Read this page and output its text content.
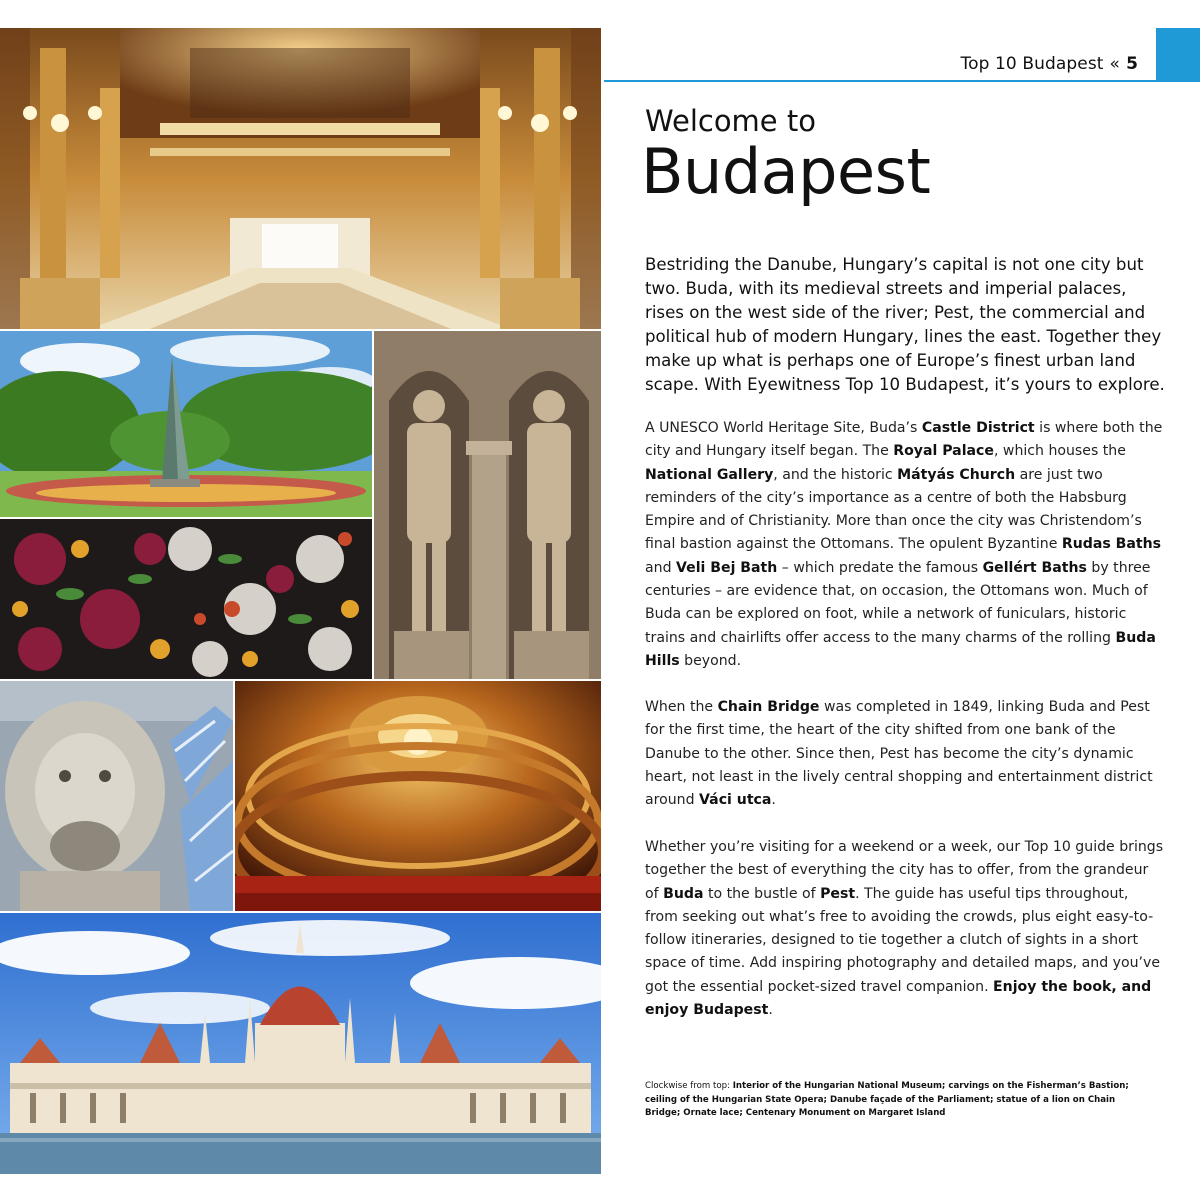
Top 10 Budapest « 5
Welcome to
Budapest
Bestriding the Danube, Hungary’s capital is not one city but two. Buda, with its medieval streets and imperial palaces, rises on the west side of the river; Pest, the commercial and political hub of modern Hungary, lines the east. Together they make up what is perhaps one of Europe’s finest urban land scape. With Eyewitness Top 10 Budapest, it’s yours to explore.
A UNESCO World Heritage Site, Buda’s Castle District is where both the city and Hungary itself began. The Royal Palace, which houses the National Gallery, and the historic Mátyás Church are just two reminders of the city’s importance as a centre of both the Habsburg Empire and of Christianity. More than once the city was Christendom’s final bastion against the Ottomans. The opulent Byzantine Rudas Baths and Veli Bej Bath – which predate the famous Gellért Baths by three centuries – are evidence that, on occasion, the Ottomans won. Much of Buda can be explored on foot, while a network of funiculars, historic trains and chairlifts offer access to the many charms of the rolling Buda Hills beyond.
When the Chain Bridge was completed in 1849, linking Buda and Pest for the first time, the heart of the city shifted from one bank of the Danube to the other. Since then, Pest has become the city’s dynamic heart, not least in the lively central shopping and entertainment district around Váci utca.
Whether you’re visiting for a weekend or a week, our Top 10 guide brings together the best of everything the city has to offer, from the grandeur of Buda to the bustle of Pest. The guide has useful tips throughout, from seeking out what’s free to avoiding the crowds, plus eight easy-to-follow itineraries, designed to tie together a clutch of sights in a short space of time. Add inspiring photography and detailed maps, and you’ve got the essential pocket-sized travel companion. Enjoy the book, and enjoy Budapest.
Clockwise from top: Interior of the Hungarian National Museum; carvings on the Fisherman’s Bastion; ceiling of the Hungarian State Opera; Danube façade of the Parliament; statue of a lion on Chain Bridge; Ornate lace; Centenary Monument on Margaret Island
